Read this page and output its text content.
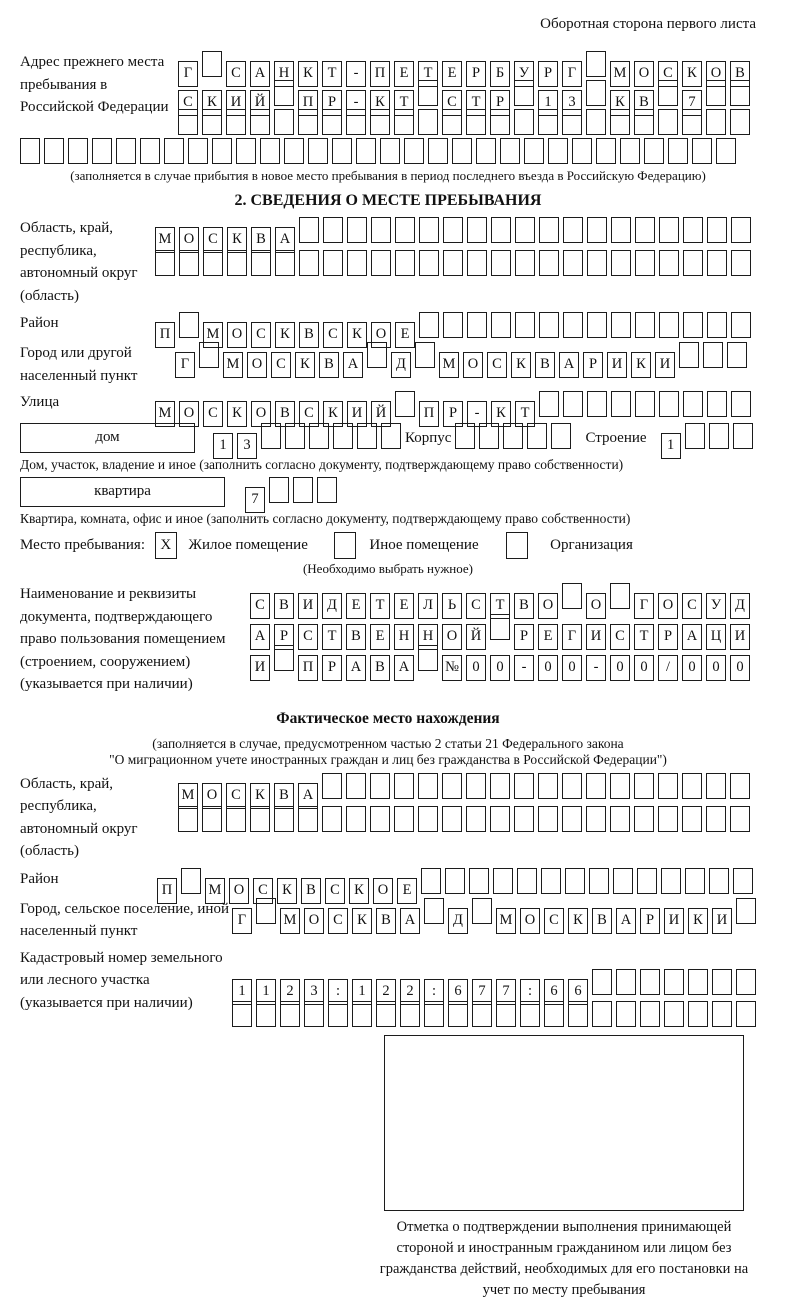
Оборотная сторона первого листа
Адрес прежнего места пребывания в Российской Федерации
Г	С А Н К Т - П Е Т Е Р Б У Р Г	М О С К О В
С К И Й	П Р - К Т	С Т Р	1 3	К В	7
(заполняется в случае прибытия в новое место пребывания в период последнего въезда в Российскую Федерацию)
2. СВЕДЕНИЯ О МЕСТЕ ПРЕБЫВАНИЯ
Область, край, республика, автономный округ (область)
М О С К В А
Район
П	М О С К В С К О Е
Город или другой населенный пункт
Г	М О С К В А	Д	М О С К В А Р И К И
Улица
М О С К О В С К И Й	П Р - К Т
дом	1 3	Корпус	Строение 1
Дом, участок, владение и иное (заполнить согласно документу, подтверждающему право собственности)
квартира	7
Квартира, комната, офис и иное (заполнить согласно документу, подтверждающему право собственности)
Место пребывания: X Жилое помещение	Иное помещение	Организация
(Необходимо выбрать нужное)
Наименование и реквизиты документа, подтверждающего право пользования помещением (строением, сооружением) (указывается при наличии)
С В И Д Е Т Е Л Ь С Т В О	О	Г О С У Д
А Р С Т В Е Н Н О Й	Р Е Г И С Т Р А Ц И
И	П Р А В А № 0 0 - 0 0 - 0 0 / 0 0 0
Фактическое место нахождения
(заполняется в случае, предусмотренном частью 2 статьи 21 Федерального закона
"О миграционном учете иностранных граждан и лиц без гражданства в Российской Федерации")
Область, край, республика, автономный округ (область)
М О С К В А
Район
П	М О С К В С К О Е
Город, сельское поселение, иной населенный пункт
Г	М О С К В А	Д	М О С К В А Р И К И
Кадастровый номер земельного или лесного участка (указывается при наличии)
1 1 2 3 : 1 2 2 : 6 7 7 : 6 6
Отметка о подтверждении выполнения принимающей стороной и иностранным гражданином или лицом без гражданства действий, необходимых для его постановки на учет по месту пребывания
